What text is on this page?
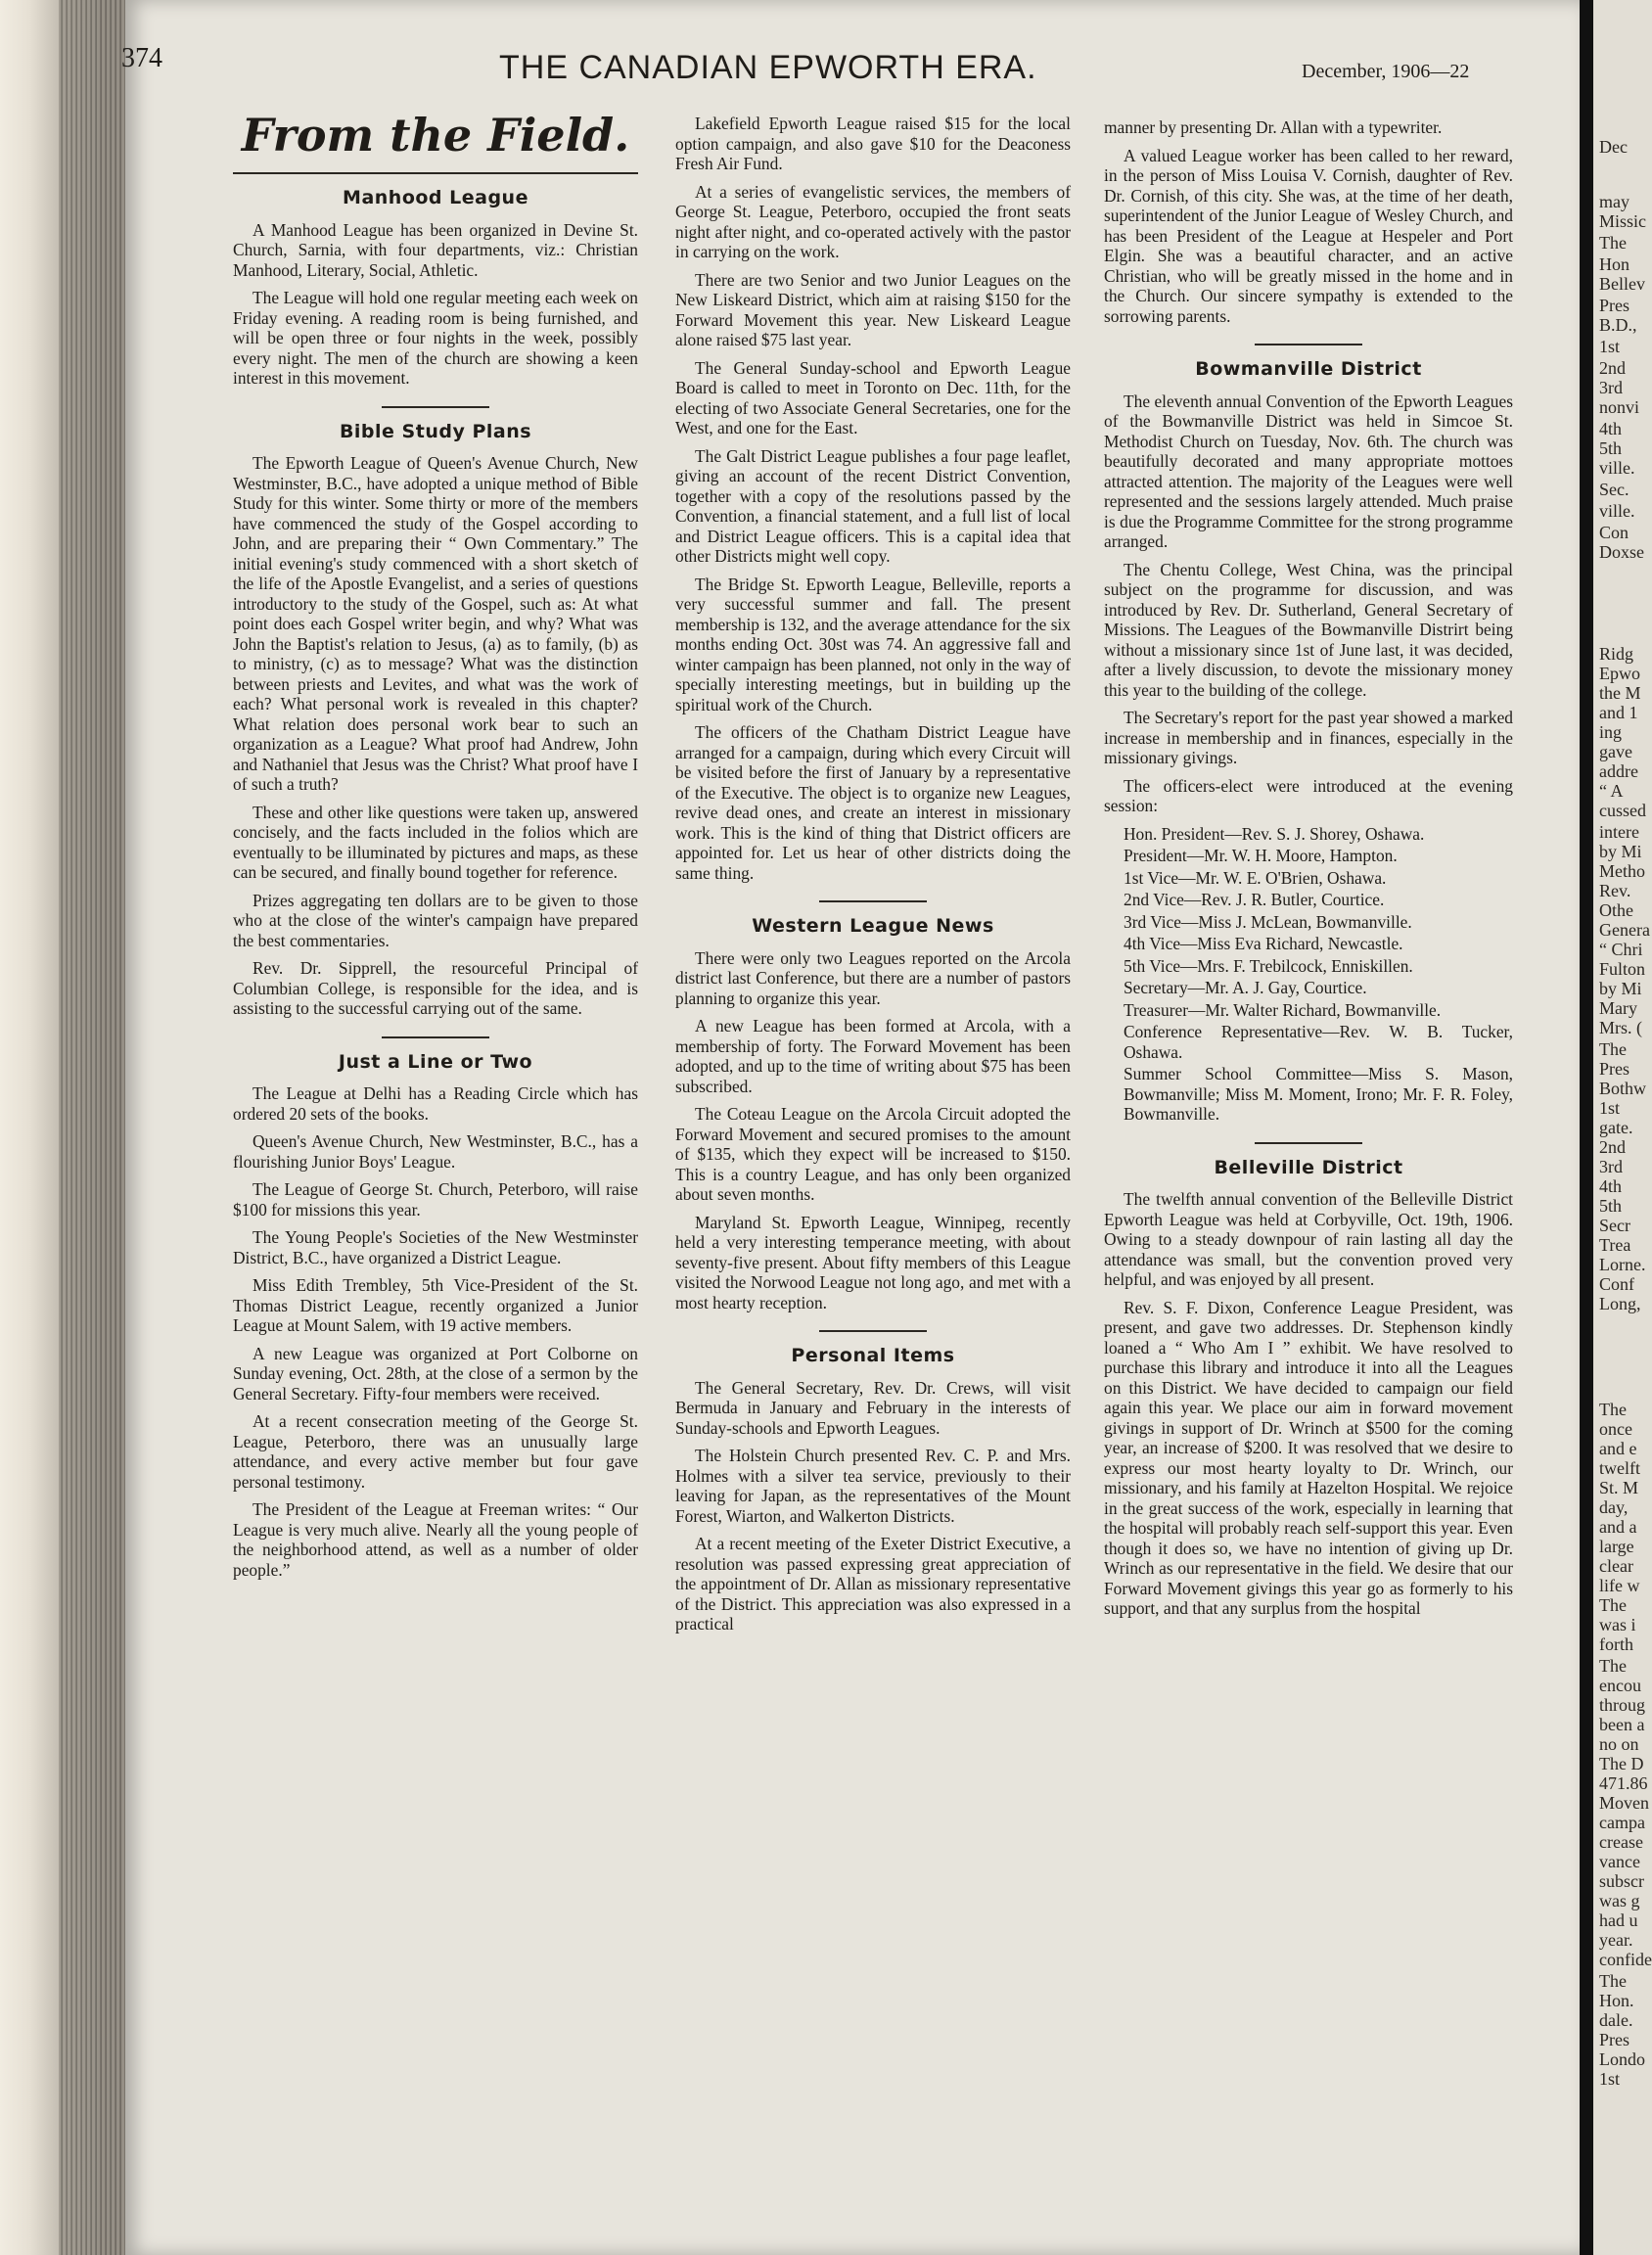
374	THE CANADIAN EPWORTH ERA.	December, 1906—22
From the Field.
Manhood League

A Manhood League has been organized in Devine St. Church, Sarnia, with four departments, viz.: Christian Manhood, Literary, Social, Athletic.

The League will hold one regular meeting each week on Friday evening. A reading room is being furnished, and will be open three or four nights in the week, possibly every night. The men of the church are showing a keen interest in this movement.

Bible Study Plans

The Epworth League of Queen's Avenue Church, New Westminster, B.C., have adopted a unique method of Bible Study for this winter. Some thirty or more of the members have commenced the study of the Gospel according to John, and are preparing their “ Own Commentary.” The initial evening's study commenced with a short sketch of the life of the Apostle Evangelist, and a series of questions introductory to the study of the Gospel, such as: At what point does each Gospel writer begin, and why? What was John the Baptist's relation to Jesus, (a) as to family, (b) as to ministry, (c) as to message? What was the distinction between priests and Levites, and what was the work of each? What personal work is revealed in this chapter? What relation does personal work bear to such an organization as a League? What proof had Andrew, John and Nathaniel that Jesus was the Christ? What proof have I of such a truth?

These and other like questions were taken up, answered concisely, and the facts included in the folios which are eventually to be illuminated by pictures and maps, as these can be secured, and finally bound together for reference.

Prizes aggregating ten dollars are to be given to those who at the close of the winter's campaign have prepared the best commentaries.

Rev. Dr. Sipprell, the resourceful Principal of Columbian College, is responsible for the idea, and is assisting to the successful carrying out of the same.

Just a Line or Two

The League at Delhi has a Reading Circle which has ordered 20 sets of the books.

Queen's Avenue Church, New Westminster, B.C., has a flourishing Junior Boys' League.

The League of George St. Church, Peterboro, will raise $100 for missions this year.

The Young People's Societies of the New Westminster District, B.C., have organized a District League.

Miss Edith Trembley, 5th Vice-President of the St. Thomas District League, recently organized a Junior League at Mount Salem, with 19 active members.

A new League was organized at Port Colborne on Sunday evening, Oct. 28th, at the close of a sermon by the General Secretary. Fifty-four members were received.

At a recent consecration meeting of the George St. League, Peterboro, there was an unusually large attendance, and every active member but four gave personal testimony.

The President of the League at Freeman writes: “ Our League is very much alive. Nearly all the young people of the neighborhood attend, as well as a number of older people.”

Lakefield Epworth League raised $15 for the local option campaign, and also gave $10 for the Deaconess Fresh Air Fund.

At a series of evangelistic services, the members of George St. League, Peterboro, occupied the front seats night after night, and co-operated actively with the pastor in carrying on the work.

There are two Senior and two Junior Leagues on the New Liskeard District, which aim at raising $150 for the Forward Movement this year. New Liskeard League alone raised $75 last year.

The General Sunday-school and Epworth League Board is called to meet in Toronto on Dec. 11th, for the electing of two Associate General Secretaries, one for the West, and one for the East.

The Galt District League publishes a four page leaflet, giving an account of the recent District Convention, together with a copy of the resolutions passed by the Convention, a financial statement, and a full list of local and District League officers. This is a capital idea that other Districts might well copy.

The Bridge St. Epworth League, Belleville, reports a very successful summer and fall. The present membership is 132, and the average attendance for the six months ending Oct. 30st was 74. An aggressive fall and winter campaign has been planned, not only in the way of specially interesting meetings, but in building up the spiritual work of the Church.

The officers of the Chatham District League have arranged for a campaign, during which every Circuit will be visited before the first of January by a representative of the Executive. The object is to organize new Leagues, revive dead ones, and create an interest in missionary work. This is the kind of thing that District officers are appointed for. Let us hear of other districts doing the same thing.

Western League News

There were only two Leagues reported on the Arcola district last Conference, but there are a number of pastors planning to organize this year.

A new League has been formed at Arcola, with a membership of forty. The Forward Movement has been adopted, and up to the time of writing about $75 has been subscribed.

The Coteau League on the Arcola Circuit adopted the Forward Movement and secured promises to the amount of $135, which they expect will be increased to $150. This is a country League, and has only been organized about seven months.

Maryland St. Epworth League, Winnipeg, recently held a very interesting temperance meeting, with about seventy-five present. About fifty members of this League visited the Norwood League not long ago, and met with a most hearty reception.

Personal Items

The General Secretary, Rev. Dr. Crews, will visit Bermuda in January and February in the interests of Sunday-schools and Epworth Leagues.

The Holstein Church presented Rev. C. P. and Mrs. Holmes with a silver tea service, previously to their leaving for Japan, as the representatives of the Mount Forest, Wiarton, and Walkerton Districts.

At a recent meeting of the Exeter District Executive, a resolution was passed expressing great appreciation of the appointment of Dr. Allan as missionary representative of the District. This appreciation was also expressed in a practical

manner by presenting Dr. Allan with a typewriter.

A valued League worker has been called to her reward, in the person of Miss Louisa V. Cornish, daughter of Rev. Dr. Cornish, of this city. She was, at the time of her death, superintendent of the Junior League of Wesley Church, and has been President of the League at Hespeler and Port Elgin. She was a beautiful character, and an active Christian, who will be greatly missed in the home and in the Church. Our sincere sympathy is extended to the sorrowing parents.

Bowmanville District

The eleventh annual Convention of the Epworth Leagues of the Bowmanville District was held in Simcoe St. Methodist Church on Tuesday, Nov. 6th. The church was beautifully decorated and many appropriate mottoes attracted attention. The majority of the Leagues were well represented and the sessions largely attended. Much praise is due the Programme Committee for the strong programme arranged.

The Chentu College, West China, was the principal subject on the programme for discussion, and was introduced by Rev. Dr. Sutherland, General Secretary of Missions. The Leagues of the Bowmanville Distrirt being without a missionary since 1st of June last, it was decided, after a lively discussion, to devote the missionary money this year to the building of the college.

The Secretary's report for the past year showed a marked increase in membership and in finances, especially in the missionary givings.

The officers-elect were introduced at the evening session:

Hon. President—Rev. S. J. Shorey, Oshawa.

President—Mr. W. H. Moore, Hampton.

1st Vice—Mr. W. E. O'Brien, Oshawa.

2nd Vice—Rev. J. R. Butler, Courtice.

3rd Vice—Miss J. McLean, Bowmanville.

4th Vice—Miss Eva Richard, Newcastle.

5th Vice—Mrs. F. Trebilcock, Enniskillen.

Secretary—Mr. A. J. Gay, Courtice.

Treasurer—Mr. Walter Richard, Bowmanville.

Conference Representative—Rev. W. B. Tucker, Oshawa.

Summer School Committee—Miss S. Mason, Bowmanville; Miss M. Moment, Irono; Mr. F. R. Foley, Bowmanville.

Belleville District

The twelfth annual convention of the Belleville District Epworth League was held at Corbyville, Oct. 19th, 1906. Owing to a steady downpour of rain lasting all day the attendance was small, but the convention proved very helpful, and was enjoyed by all present.

Rev. S. F. Dixon, Conference League President, was present, and gave two addresses. Dr. Stephenson kindly loaned a “ Who Am I ” exhibit. We have resolved to purchase this library and introduce it into all the Leagues on this District. We have decided to campaign our field again this year. We place our aim in forward movement givings in support of Dr. Wrinch at $500 for the coming year, an increase of $200. It was resolved that we desire to express our most hearty loyalty to Dr. Wrinch, our missionary, and his family at Hazelton Hospital. We rejoice in the great success of the work, especially in learning that the hospital will probably reach self-support this year. Even though it does so, we have no intention of giving up Dr. Wrinch as our representative in the field. We desire that our Forward Movement givings this year go as formerly to his support, and that any surplus from the hospital

Dec
may
Missic
The
Hon
Bellev
Pres
B.D.,
1st
2nd
3rd
nonvi
4th
5th
ville.
Sec.
ville.
Con
Doxse
Ridg
Epwo
the M
and 1
ing
gave
addre
“ A
cussed
intere
by Mi
Metho
Rev.
Othe
Genera
“ Chri
Fulton
by Mi
Mary
Mrs. (
The
Pres
Bothw
1st
gate.
2nd
3rd
4th
5th
Secr
Trea
Lorne.
Conf
Long,
The
once
and e
twelft
St. M
day,
and a
large
clear
life w
The
was i
forth
The
encou
throug
been a
no on
The D
471.86
Moven
campa
crease
vance
subscr
was g
had u
year.
confide
The
Hon.
dale.
Pres
Londo
1st
